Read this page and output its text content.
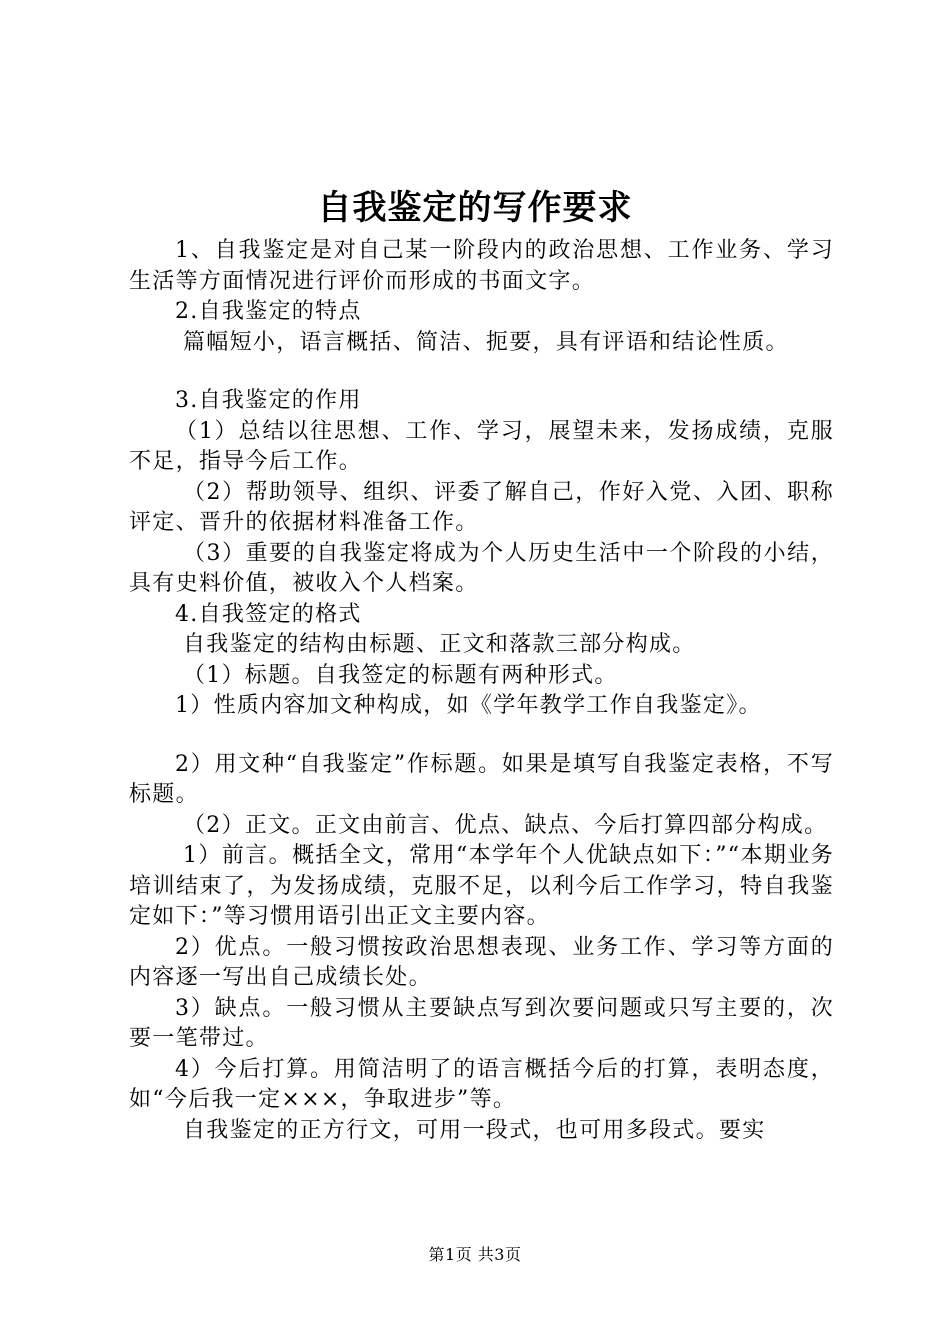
自我鉴定的写作要求

1、自我鉴定是对自己某一阶段内的政治思想、工作业务、学习生活等方面情况进行评价而形成的书面文字。

2.自我鉴定的特点

篇幅短小，语言概括、简洁、扼要，具有评语和结论性质。

3.自我鉴定的作用

（1）总结以往思想、工作、学习，展望未来，发扬成绩，克服不足，指导今后工作。

（2）帮助领导、组织、评委了解自己，作好入党、入团、职称评定、晋升的依据材料准备工作。

（3）重要的自我鉴定将成为个人历史生活中一个阶段的小结，具有史料价值，被收入个人档案。

4.自我签定的格式

自我鉴定的结构由标题、正文和落款三部分构成。

（1）标题。自我签定的标题有两种形式。

1）性质内容加文种构成，如《学年教学工作自我鉴定》。

2）用文种“自我鉴定”作标题。如果是填写自我鉴定表格，不写标题。

（2）正文。正文由前言、优点、缺点、今后打算四部分构成。

1）前言。概括全文，常用“本学年个人优缺点如下：”“本期业务培训结束了，为发扬成绩，克服不足，以利今后工作学习，特自我鉴定如下：”等习惯用语引出正文主要内容。

2）优点。一般习惯按政治思想表现、业务工作、学习等方面的内容逐一写出自己成绩长处。

3）缺点。一般习惯从主要缺点写到次要问题或只写主要的，次要一笔带过。

4）今后打算。用简洁明了的语言概括今后的打算，表明态度，如“今后我一定×××，争取进步”等。

自我鉴定的正方行文，可用一段式，也可用多段式。要实

第1页 共3页
